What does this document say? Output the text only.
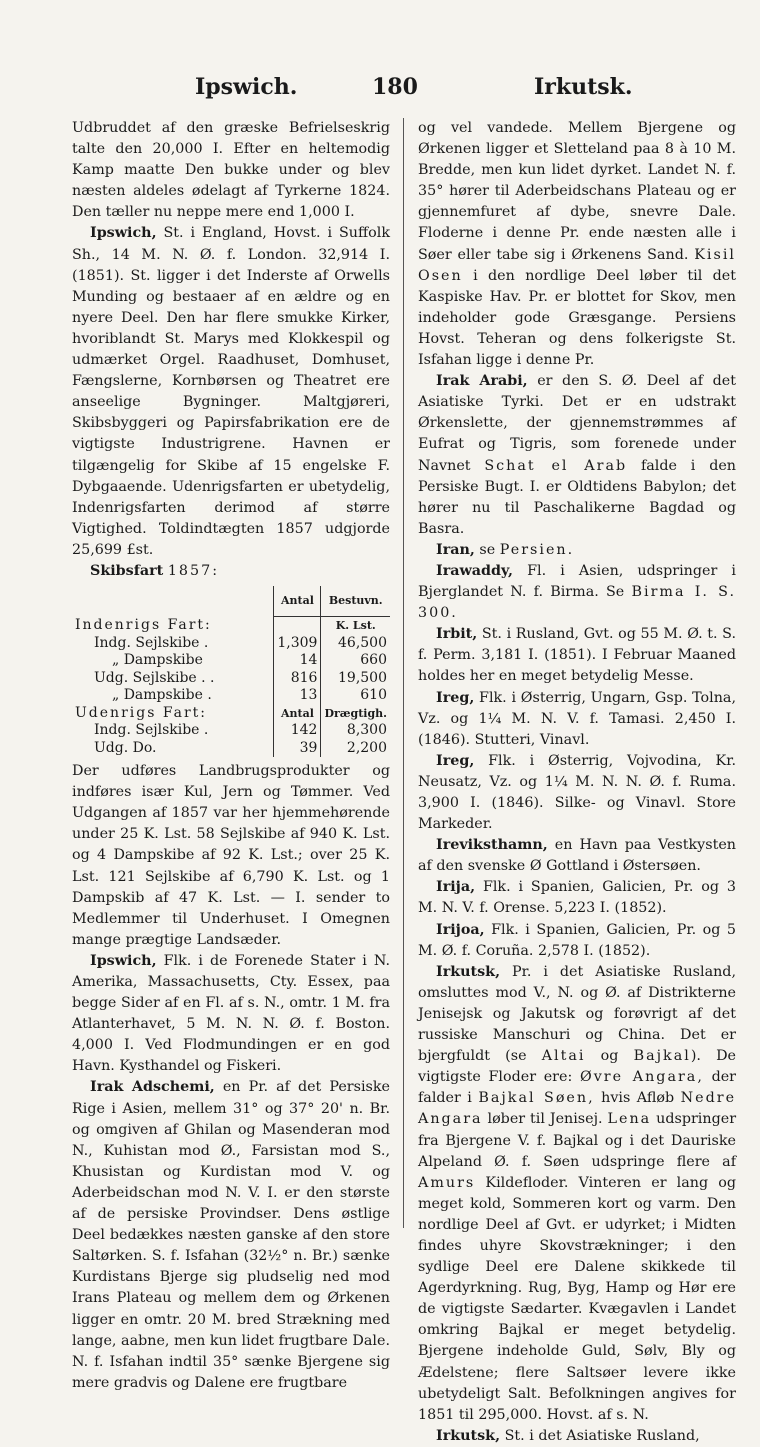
Ipswich.	180	Irkutsk.

Udbruddet af den græske Befrielseskrig talte den 20,000 I. Efter en heltemodig Kamp maatte Den bukke under og blev næsten aldeles ødelagt af Tyrkerne 1824. Den tæller nu neppe mere end 1,000 I.

Ipswich, St. i England, Hovst. i Suffolk Sh., 14 M. N. Ø. f. London. 32,914 I. (1851). St. ligger i det Inderste af Orwells Munding og bestaaer af en ældre og en nyere Deel. Den har flere smukke Kirker, hvoriblandt St. Marys med Klokkespil og udmærket Orgel. Raadhuset, Domhuset, Fængslerne, Kornbørsen og Theatret ere anseelige Bygninger. Maltgjøreri, Skibsbyggeri og Papirsfabrikation ere de vigtigste Industrigrene. Havnen er tilgængelig for Skibe af 15 engelske F. Dybgaaende. Udenrigsfarten er ubetydelig, Indenrigsfarten derimod af større Vigtighed. Toldindtægten 1857 udgjorde 25,699 £st.

Skibsfart 1857:

	Antal	Bestuvn.
Indenrigs Fart:		K. Lst.
Indg. Sejlskibe .	1,309	46,500
„ Dampskibe	14	660
Udg. Sejlskibe . .	816	19,500
„ Dampskibe .	13	610
Udenrigs Fart:	Antal	Drægtigh.
Indg. Sejlskibe .	142	8,300
Udg. Do.	39	2,200

Der udføres Landbrugsprodukter og indføres især Kul, Jern og Tømmer. Ved Udgangen af 1857 var her hjemmehørende under 25 K. Lst. 58 Sejlskibe af 940 K. Lst. og 4 Dampskibe af 92 K. Lst.; over 25 K. Lst. 121 Sejlskibe af 6,790 K. Lst. og 1 Dampskib af 47 K. Lst. — I. sender to Medlemmer til Underhuset. I Omegnen mange prægtige Landsæder.

Ipswich, Flk. i de Forenede Stater i N. Amerika, Massachusetts, Cty. Essex, paa begge Sider af en Fl. af s. N., omtr. 1 M. fra Atlanterhavet, 5 M. N. N. Ø. f. Boston. 4,000 I. Ved Flodmundingen er en god Havn. Kysthandel og Fiskeri.

Irak Adschemi, en Pr. af det Persiske Rige i Asien, mellem 31° og 37° 20' n. Br. og omgiven af Ghilan og Masenderan mod N., Kuhistan mod Ø., Farsistan mod S., Khusistan og Kurdistan mod V. og Aderbeidschan mod N. V. I. er den største af de persiske Provindser. Dens østlige Deel bedækkes næsten ganske af den store Saltørken. S. f. Isfahan (32½° n. Br.) sænke Kurdistans Bjerge sig pludselig ned mod Irans Plateau og mellem dem og Ørkenen ligger en omtr. 20 M. bred Strækning med lange, aabne, men kun lidet frugtbare Dale. N. f. Isfahan indtil 35° sænke Bjergene sig mere gradvis og Dalene ere frugtbare

og vel vandede. Mellem Bjergene og Ørkenen ligger et Sletteland paa 8 à 10 M. Bredde, men kun lidet dyrket. Landet N. f. 35° hører til Aderbeidschans Plateau og er gjennemfuret af dybe, snevre Dale. Floderne i denne Pr. ende næsten alle i Søer eller tabe sig i Ørkenens Sand. Kisil Osen i den nordlige Deel løber til det Kaspiske Hav. Pr. er blottet for Skov, men indeholder gode Græsgange. Persiens Hovst. Teheran og dens folkerigste St. Isfahan ligge i denne Pr.

Irak Arabi, er den S. Ø. Deel af det Asiatiske Tyrki. Det er en udstrakt Ørkenslette, der gjennemstrømmes af Eufrat og Tigris, som forenede under Navnet Schat el Arab falde i den Persiske Bugt. I. er Oldtidens Babylon; det hører nu til Paschalikerne Bagdad og Basra.

Iran, se Persien.

Irawaddy, Fl. i Asien, udspringer i Bjerglandet N. f. Birma. Se Birma I. S. 300.

Irbit, St. i Rusland, Gvt. og 55 M. Ø. t. S. f. Perm. 3,181 I. (1851). I Februar Maaned holdes her en meget betydelig Messe.

Ireg, Flk. i Østerrig, Ungarn, Gsp. Tolna, Vz. og 1¼ M. N. V. f. Tamasi. 2,450 I. (1846). Stutteri, Vinavl.

Ireg, Flk. i Østerrig, Vojvodina, Kr. Neusatz, Vz. og 1¼ M. N. N. Ø. f. Ruma. 3,900 I. (1846). Silke- og Vinavl. Store Markeder.

Ireviksthamn, en Havn paa Vestkysten af den svenske Ø Gottland i Østersøen.

Irija, Flk. i Spanien, Galicien, Pr. og 3 M. N. V. f. Orense. 5,223 I. (1852).

Irijoa, Flk. i Spanien, Galicien, Pr. og 5 M. Ø. f. Coruña. 2,578 I. (1852).

Irkutsk, Pr. i det Asiatiske Rusland, omsluttes mod V., N. og Ø. af Distrikterne Jenisejsk og Jakutsk og forøvrigt af det russiske Manschuri og China. Det er bjergfuldt (se Altai og Bajkal). De vigtigste Floder ere: Øvre Angara, der falder i Bajkal Søen, hvis Afløb Nedre Angara løber til Jenisej. Lena udspringer fra Bjergene V. f. Bajkal og i det Dauriske Alpeland Ø. f. Søen udspringe flere af Amurs Kildefloder. Vinteren er lang og meget kold, Sommeren kort og varm. Den nordlige Deel af Gvt. er udyrket; i Midten findes uhyre Skovstrækninger; i den sydlige Deel ere Dalene skikkede til Agerdyrkning. Rug, Byg, Hamp og Hør ere de vigtigste Sædarter. Kvægavlen i Landet omkring Bajkal er meget betydelig. Bjergene indeholde Guld, Sølv, Bly og Ædelstene; flere Saltsøer levere ikke ubetydeligt Salt. Befolkningen angives for 1851 til 295,000. Hovst. af s. N.

Irkutsk, St. i det Asiatiske Rusland,
